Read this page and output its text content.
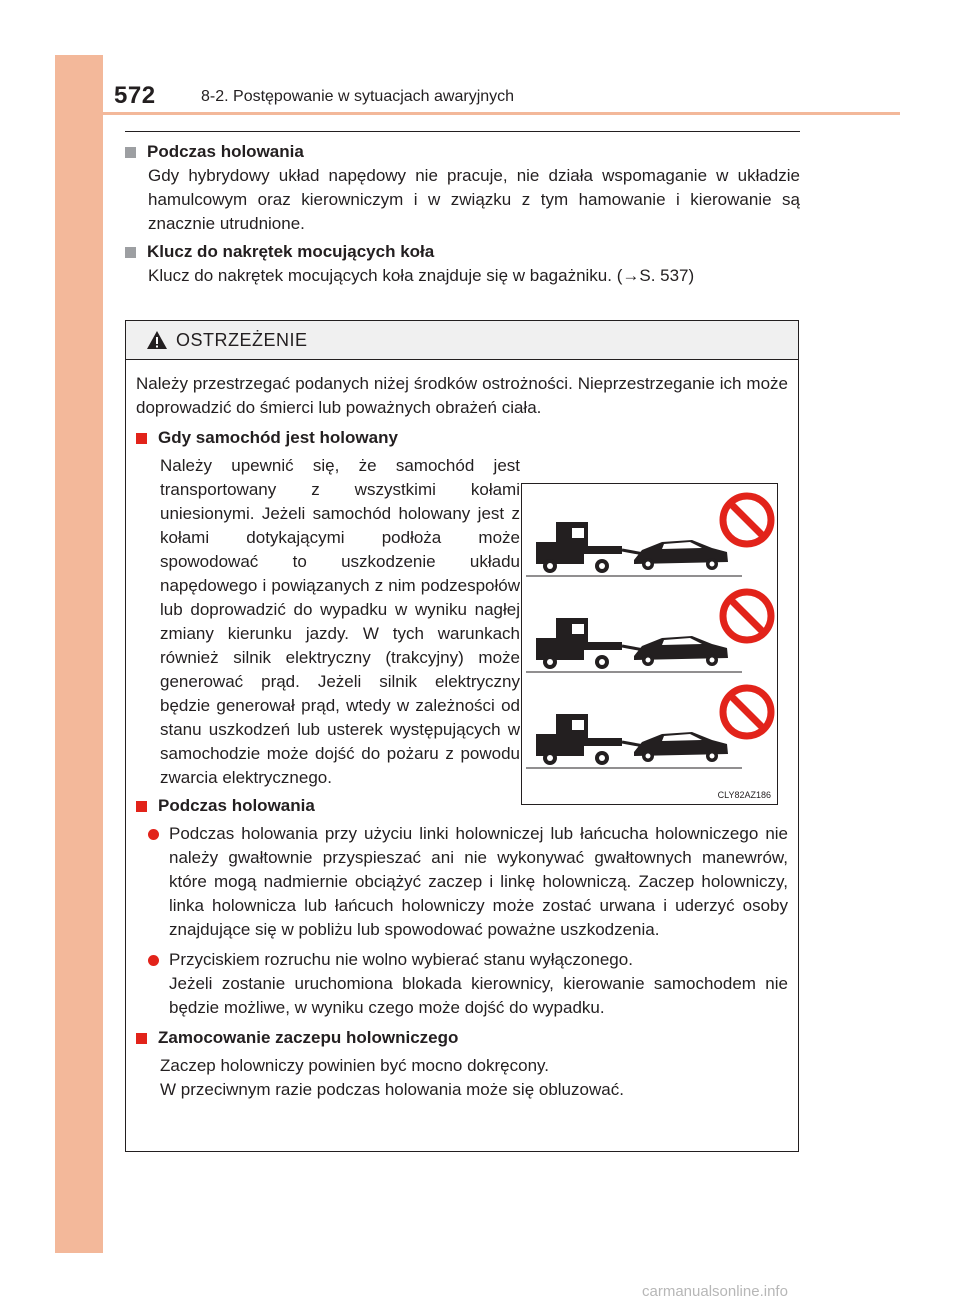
572	8-2. Postępowanie w sytuacjach awaryjnych
Podczas holowania
Gdy hybrydowy układ napędowy nie pracuje, nie działa wspomaganie w układzie hamulcowym oraz kierowniczym i w związku z tym hamowanie i kierowanie są znacznie utrudnione.
Klucz do nakrętek mocujących koła
Klucz do nakrętek mocujących koła znajduje się w bagażniku. (→S. 537)
OSTRZEŻENIE
Należy przestrzegać podanych niżej środków ostrożności. Nieprzestrzeganie ich może doprowadzić do śmierci lub poważnych obrażeń ciała.
Gdy samochód jest holowany
Należy upewnić się, że samochód jest transportowany z wszystkimi kołami uniesionymi. Jeżeli samochód holowany jest z kołami dotykającymi podłoża może spowodować to uszkodzenie układu napędowego i powiązanych z nim podzespołów lub doprowadzić do wypadku w wyniku nagłej zmiany kierunku jazdy. W tych warunkach również silnik elektryczny (trakcyjny) może generować prąd. Jeżeli silnik elektryczny będzie generował prąd, wtedy w zależności od stanu uszkodzeń lub usterek występujących w samochodzie może dojść do pożaru z powodu zwarcia elektrycznego.
Podczas holowania
Podczas holowania przy użyciu linki holowniczej lub łańcucha holowniczego nie należy gwałtownie przyspieszać ani nie wykonywać gwałtownych manewrów, które mogą nadmiernie obciążyć zaczep i linkę holowniczą. Zaczep holowniczy, linka holownicza lub łańcuch holowniczy może zostać urwana i uderzyć osoby znajdujące się w pobliżu lub spowodować poważne uszkodzenia.
Przyciskiem rozruchu nie wolno wybierać stanu wyłączonego.
Jeżeli zostanie uruchomiona blokada kierownicy, kierowanie samochodem nie będzie możliwe, w wyniku czego może dojść do wypadku.
Zamocowanie zaczepu holowniczego
Zaczep holowniczy powinien być mocno dokręcony.
W przeciwnym razie podczas holowania może się obluzować.
CLY82AZ186
carmanualsonline.info
